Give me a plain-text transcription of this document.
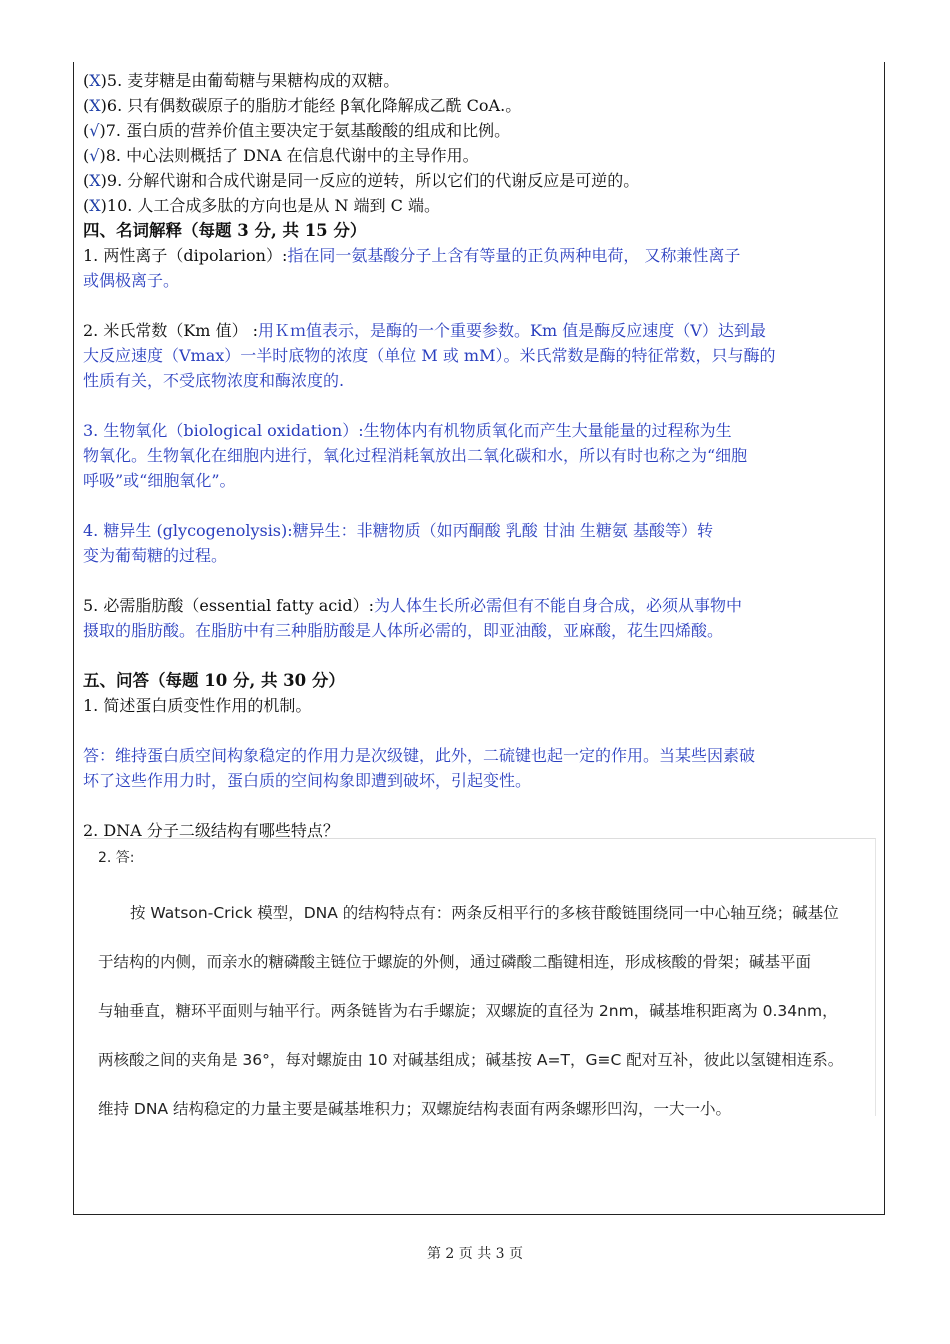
(X)5. 麦芽糖是由葡萄糖与果糖构成的双糖。
(X)6. 只有偶数碳原子的脂肪才能经 β氧化降解成乙酰 CoA.。
(√)7. 蛋白质的营养价值主要决定于氨基酸酸的组成和比例。
(√)8. 中心法则概括了 DNA 在信息代谢中的主导作用。
(X)9. 分解代谢和合成代谢是同一反应的逆转，所以它们的代谢反应是可逆的。
(X)10. 人工合成多肽的方向也是从 N 端到 C 端。
四、名词解释（每题 3 分, 共 15 分）
1. 两性离子（dipolarion）:指在同一氨基酸分子上含有等量的正负两种电荷， 又称兼性离子
或偶极离子。
2. 米氏常数（Km 值） :用Ｋｍ值表示，是酶的一个重要参数。Km 值是酶反应速度（V）达到最
大反应速度（Vmax）一半时底物的浓度（单位 M 或 mM）。米氏常数是酶的特征常数，只与酶的
性质有关，不受底物浓度和酶浓度的.
3. 生物氧化（biological oxidation）:生物体内有机物质氧化而产生大量能量的过程称为生
物氧化。生物氧化在细胞内进行，氧化过程消耗氧放出二氧化碳和水，所以有时也称之为“细胞
呼吸”或“细胞氧化”。
4. 糖异生 (glycogenolysis):糖异生：非糖物质（如丙酮酸 乳酸 甘油 生糖氨 基酸等）转
变为葡萄糖的过程。
5. 必需脂肪酸（essential fatty acid）:为人体生长所必需但有不能自身合成，必须从事物中
摄取的脂肪酸。在脂肪中有三种脂肪酸是人体所必需的，即亚油酸，亚麻酸，花生四烯酸。
五、问答（每题 10 分, 共 30 分）
1. 简述蛋白质变性作用的机制。
答：维持蛋白质空间构象稳定的作用力是次级键，此外，二硫键也起一定的作用。当某些因素破
坏了这些作用力时，蛋白质的空间构象即遭到破坏，引起变性。
2. DNA 分子二级结构有哪些特点？
2. 答:
按 Watson-Crick 模型，DNA 的结构特点有：两条反相平行的多核苷酸链围绕同一中心轴互绕；碱基位
于结构的内侧，而亲水的糖磷酸主链位于螺旋的外侧，通过磷酸二酯键相连，形成核酸的骨架；碱基平面
与轴垂直，糖环平面则与轴平行。两条链皆为右手螺旋；双螺旋的直径为 2nm，碱基堆积距离为 0.34nm，
两核酸之间的夹角是 36°，每对螺旋由 10 对碱基组成；碱基按 A=T，G≡C 配对互补，彼此以氢键相连系。
维持 DNA 结构稳定的力量主要是碱基堆积力；双螺旋结构表面有两条螺形凹沟，一大一小。
第 2 页 共 3 页
